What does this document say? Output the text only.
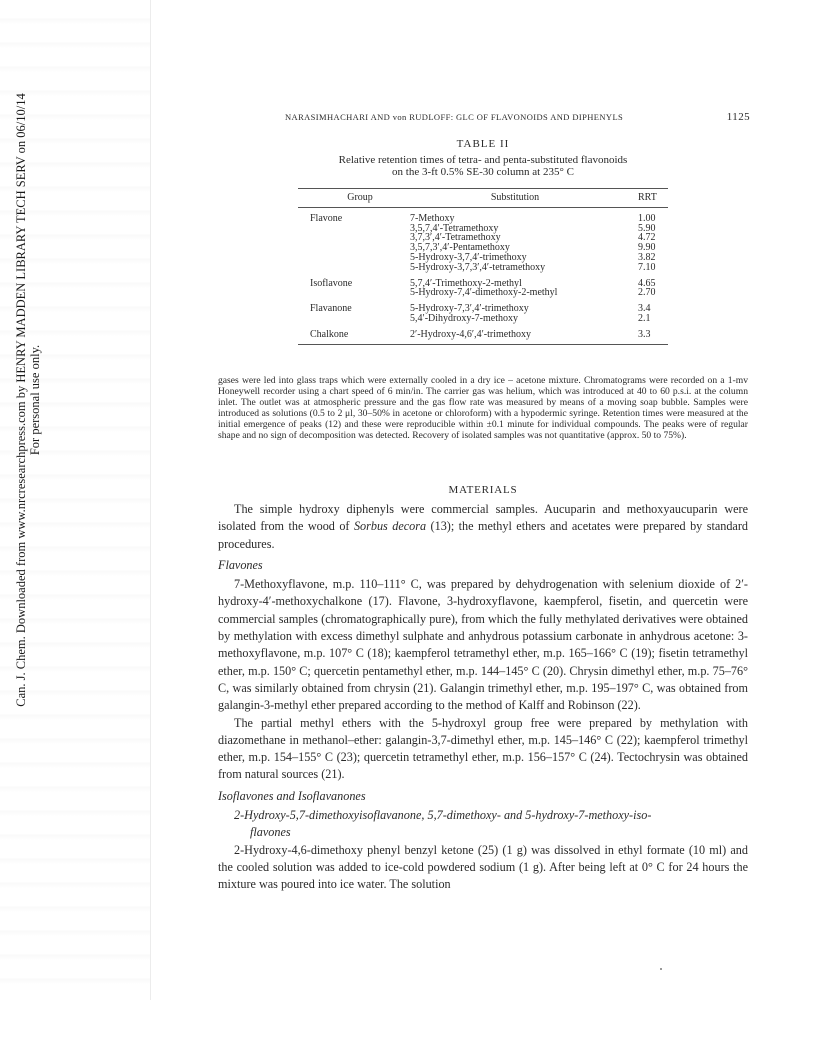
Can. J. Chem. Downloaded from www.nrcresearchpress.com by HENRY MADDEN LIBRARY TECH SERV on 06/10/14 For personal use only.
NARASIMHACHARI AND von RUDLOFF: GLC OF FLAVONOIDS AND DIPHENYLS	1125
TABLE II
Relative retention times of tetra- and penta-substituted flavonoids
on the 3-ft 0.5% SE-30 column at 235° C
Group	Substitution	RRT
Flavone	7-Methoxy	1.00
	3,5,7,4′-Tetramethoxy	5.90
	3,7,3′,4′-Tetramethoxy	4.72
	3,5,7,3′,4′-Pentamethoxy	9.90
	5-Hydroxy-3,7,4′-trimethoxy	3.82
	5-Hydroxy-3,7,3′,4′-tetramethoxy	7.10
Isoflavone	5,7,4′-Trimethoxy-2-methyl	4.65
	5-Hydroxy-7,4′-dimethoxy-2-methyl	2.70
Flavanone	5-Hydroxy-7,3′,4′-trimethoxy	3.4
	5,4′-Dihydroxy-7-methoxy	2.1
Chalkone	2′-Hydroxy-4,6′,4′-trimethoxy	3.3
gases were led into glass traps which were externally cooled in a dry ice – acetone mixture. Chromatograms were recorded on a 1-mv Honeywell recorder using a chart speed of 6 min/in. The carrier gas was helium, which was introduced at 40 to 60 p.s.i. at the column inlet. The outlet was at atmospheric pressure and the gas flow rate was measured by means of a moving soap bubble. Samples were introduced as solutions (0.5 to 2 μl, 30–50% in acetone or chloroform) with a hypodermic syringe. Retention times were measured at the initial emergence of peaks (12) and these were reproducible within ±0.1 minute for individual compounds. The peaks were of regular shape and no sign of decomposition was detected. Recovery of isolated samples was not quantitative (approx. 50 to 75%).
MATERIALS

The simple hydroxy diphenyls were commercial samples. Aucuparin and methoxyaucuparin were isolated from the wood of Sorbus decora (13); the methyl ethers and acetates were prepared by standard procedures.

Flavones

7-Methoxyflavone, m.p. 110–111° C, was prepared by dehydrogenation with selenium dioxide of 2′-hydroxy-4′-methoxychalkone (17). Flavone, 3-hydroxyflavone, kaempferol, fisetin, and quercetin were commercial samples (chromatographically pure), from which the fully methylated derivatives were obtained by methylation with excess dimethyl sulphate and anhydrous potassium carbonate in anhydrous acetone: 3-methoxyflavone, m.p. 107° C (18); kaempferol tetramethyl ether, m.p. 165–166° C (19); fisetin tetramethyl ether, m.p. 150° C; quercetin pentamethyl ether, m.p. 144–145° C (20). Chrysin dimethyl ether, m.p. 75–76° C, was similarly obtained from chrysin (21). Galangin trimethyl ether, m.p. 195–197° C, was obtained from galangin-3-methyl ether prepared according to the method of Kalff and Robinson (22).

The partial methyl ethers with the 5-hydroxyl group free were prepared by methylation with diazomethane in methanol–ether: galangin-3,7-dimethyl ether, m.p. 145–146° C (22); kaempferol trimethyl ether, m.p. 154–155° C (23); quercetin tetramethyl ether, m.p. 156–157° C (24). Tectochrysin was obtained from natural sources (21).

Isoflavones and Isoflavanones

2-Hydroxy-5,7-dimethoxyisoflavanone, 5,7-dimethoxy- and 5-hydroxy-7-methoxy-iso-

flavones

2-Hydroxy-4,6-dimethoxy phenyl benzyl ketone (25) (1 g) was dissolved in ethyl formate (10 ml) and the cooled solution was added to ice-cold powdered sodium (1 g). After being left at 0° C for 24 hours the mixture was poured into ice water. The solution
